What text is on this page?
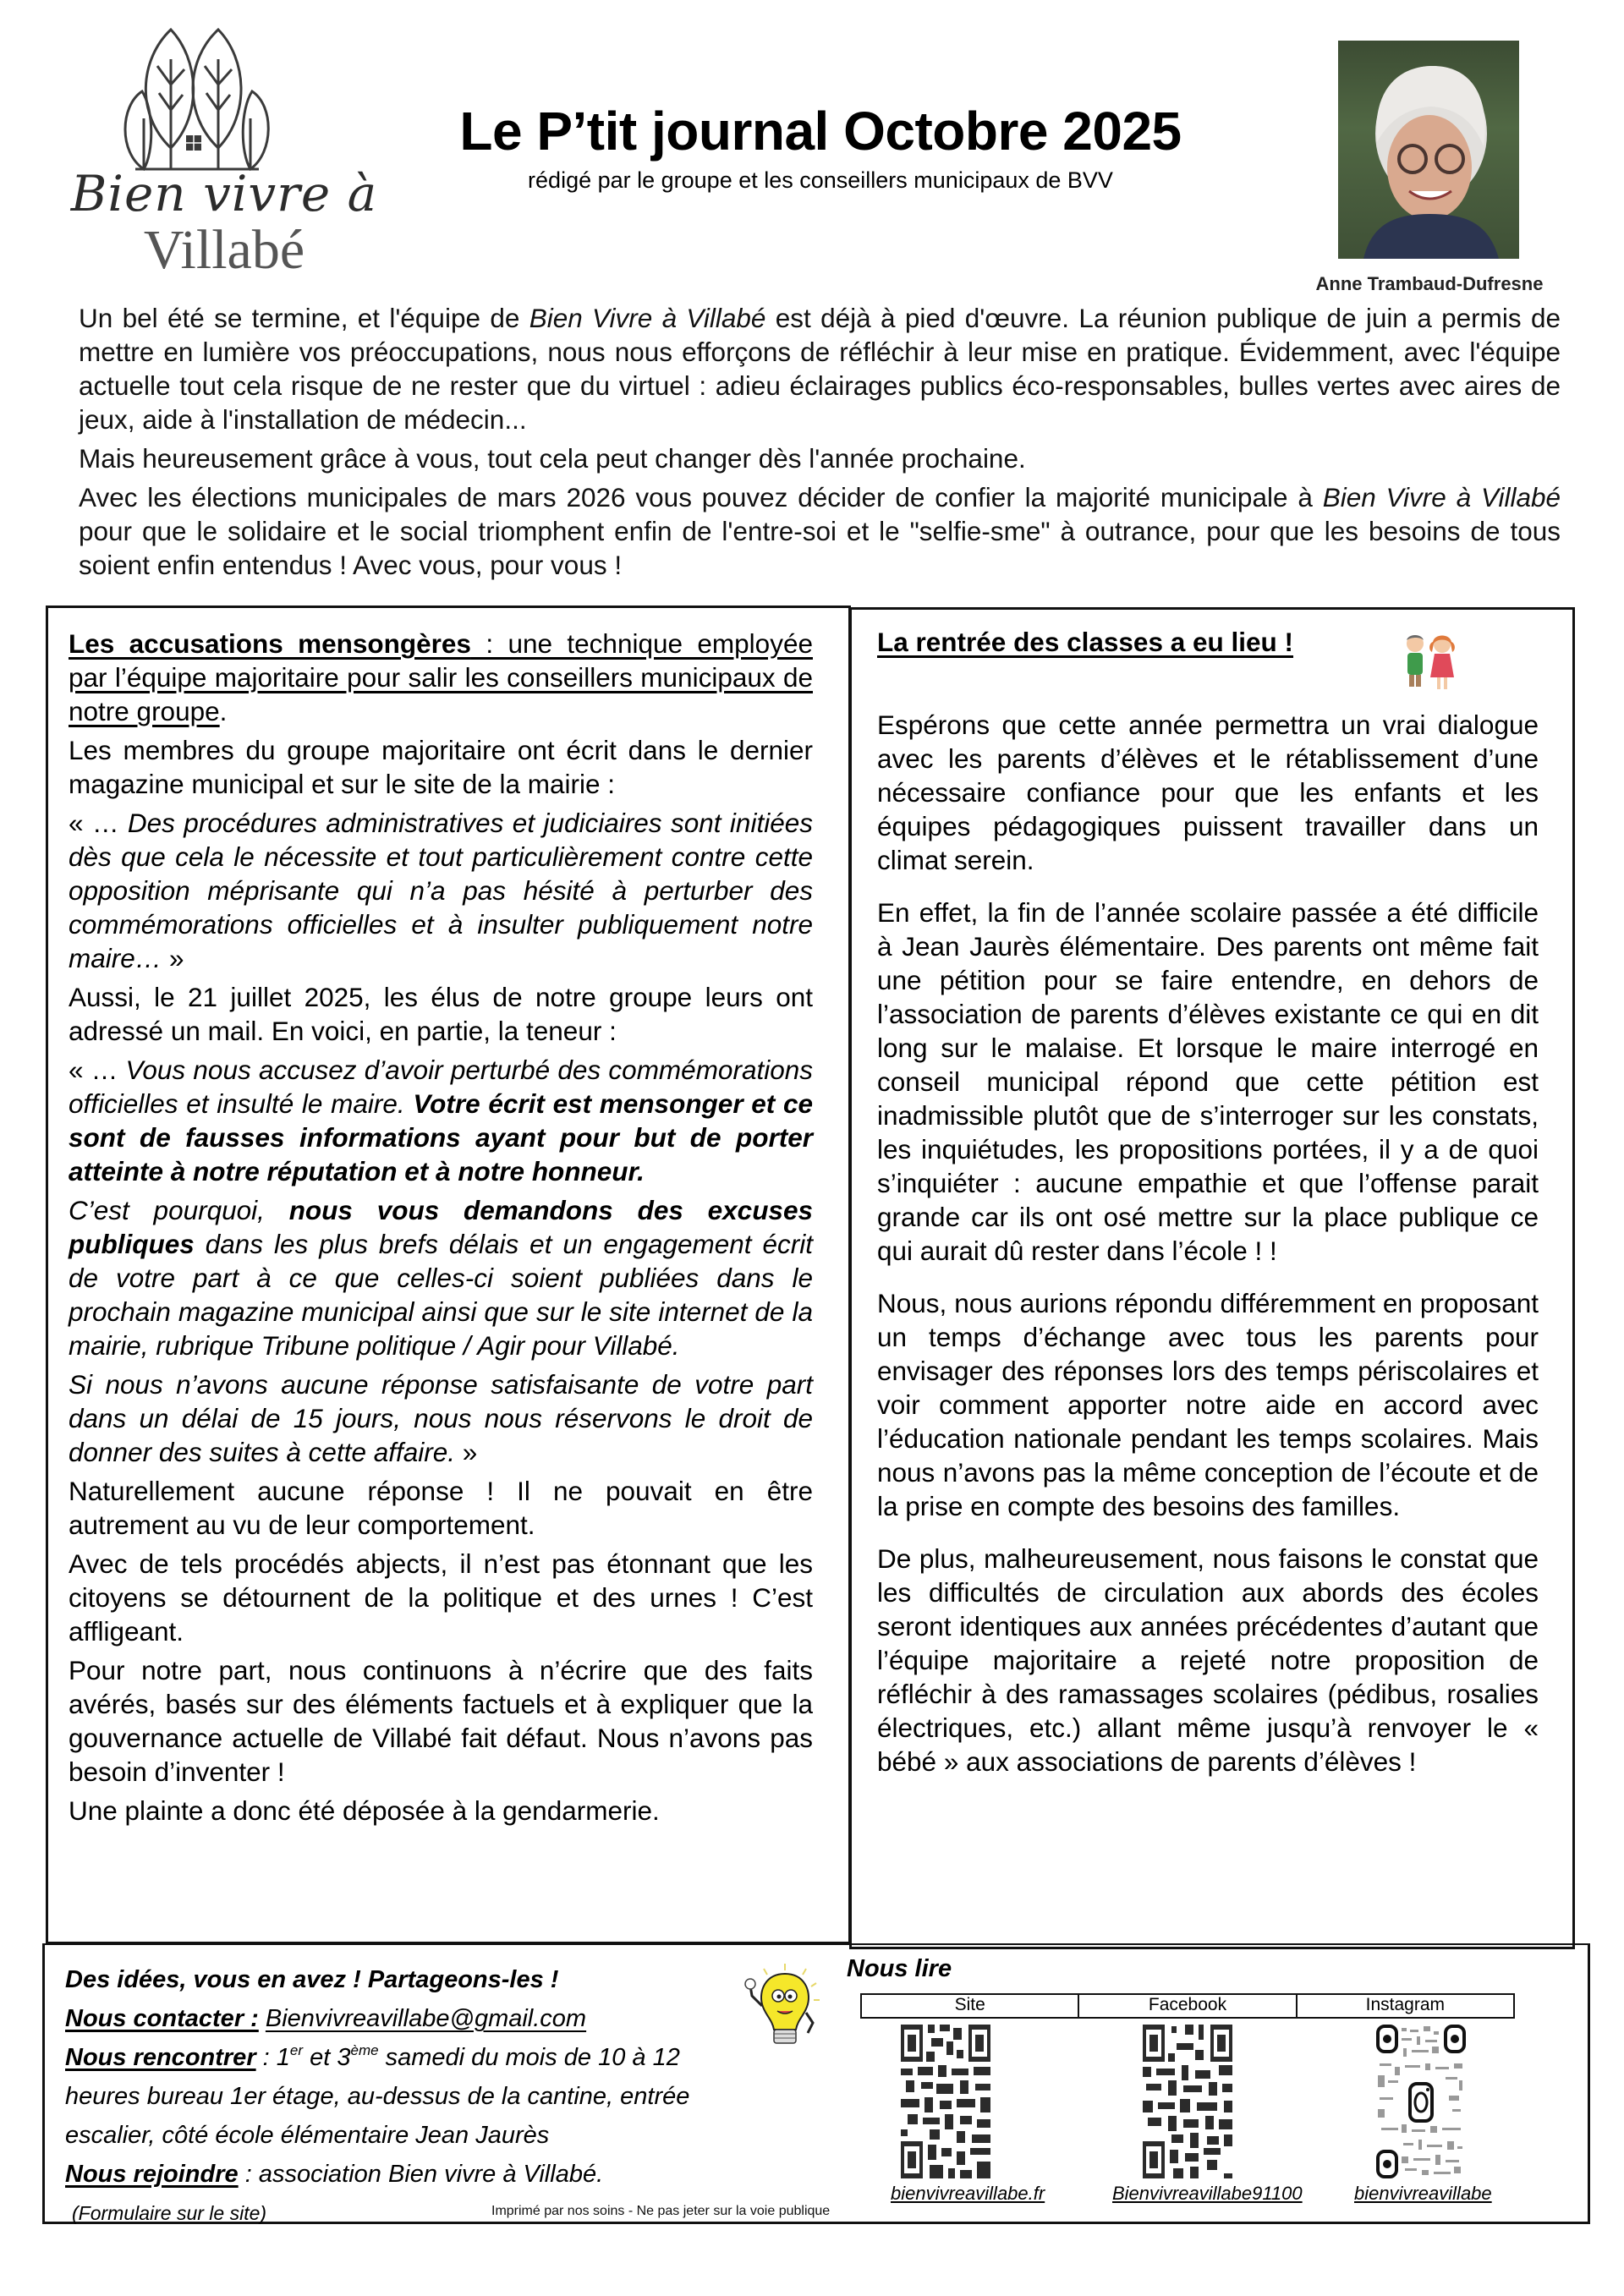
Bien vivre à
Villabé
Le P’tit journal Octobre 2025
rédigé par le groupe et les conseillers municipaux de BVV
Anne Trambaud-Dufresne

Un bel été se termine, et l'équipe de Bien Vivre à Villabé est déjà à pied d'œuvre. La réunion publique de juin a permis de mettre en lumière vos préoccupations, nous nous efforçons de réfléchir à leur mise en pratique. Évidemment, avec l'équipe actuelle tout cela risque de ne rester que du virtuel : adieu éclairages publics éco-responsables, bulles vertes avec aires de jeux, aide à l'installation de médecin...

Mais heureusement grâce à vous, tout cela peut changer dès l'année prochaine.

Avec les élections municipales de mars 2026 vous pouvez décider de confier la majorité municipale à Bien Vivre à Villabé pour que le solidaire et le social triomphent enfin de l'entre-soi et le "selfie-sme" à outrance, pour que les besoins de tous soient enfin entendus ! Avec vous, pour vous !

Les accusations mensongères : une technique employée par l’équipe majoritaire pour salir les conseillers municipaux de notre groupe.

Les membres du groupe majoritaire ont écrit dans le dernier magazine municipal et sur le site de la mairie :

« … Des procédures administratives et judiciaires sont initiées dès que cela le nécessite et tout particulièrement contre cette opposition méprisante qui n’a pas hésité à perturber des commémorations officielles et à insulter publiquement notre maire… »

Aussi, le 21 juillet 2025, les élus de notre groupe leurs ont adressé un mail. En voici, en partie, la teneur :

« … Vous nous accusez d’avoir perturbé des commémorations officielles et insulté le maire. Votre écrit est mensonger et ce sont de fausses informations ayant pour but de porter atteinte à notre réputation et à notre honneur.

C’est pourquoi, nous vous demandons des excuses publiques dans les plus brefs délais et un engagement écrit de votre part à ce que celles-ci soient publiées dans le prochain magazine municipal ainsi que sur le site internet de la mairie, rubrique Tribune politique / Agir pour Villabé.

Si nous n’avons aucune réponse satisfaisante de votre part dans un délai de 15 jours, nous nous réservons le droit de donner des suites à cette affaire. »

Naturellement aucune réponse ! Il ne pouvait en être autrement au vu de leur comportement.

Avec de tels procédés abjects, il n’est pas étonnant que les citoyens se détournent de la politique et des urnes ! C’est affligeant.

Pour notre part, nous continuons à n’écrire que des faits avérés, basés sur des éléments factuels et à expliquer que la gouvernance actuelle de Villabé fait défaut. Nous n’avons pas besoin d’inventer !

Une plainte a donc été déposée à la gendarmerie.

La rentrée des classes a eu lieu !

Espérons que cette année permettra un vrai dialogue avec les parents d’élèves et le rétablissement d’une nécessaire confiance pour que les enfants et les équipes pédagogiques puissent travailler dans un climat serein.

En effet, la fin de l’année scolaire passée a été difficile à Jean Jaurès élémentaire. Des parents ont même fait une pétition pour se faire entendre, en dehors de l’association de parents d’élèves existante ce qui en dit long sur le malaise. Et lorsque le maire interrogé en conseil municipal répond que cette pétition est inadmissible plutôt que de s’interroger sur les constats, les inquiétudes, les propositions portées, il y a de quoi s’inquiéter : aucune empathie et que l’offense parait grande car ils ont osé mettre sur la place publique ce qui aurait dû rester dans l’école ! !

Nous, nous aurions répondu différemment en proposant un temps d’échange avec tous les parents pour envisager des réponses lors des temps périscolaires et voir comment apporter notre aide en accord avec l’éducation nationale pendant les temps scolaires. Mais nous n’avons pas la même conception de l’écoute et de la prise en compte des besoins des familles.

De plus, malheureusement, nous faisons le constat que les difficultés de circulation aux abords des écoles seront identiques aux années précédentes d’autant que l’équipe majoritaire a rejeté notre proposition de réfléchir à des ramassages scolaires (pédibus, rosalies électriques, etc.) allant même jusqu’à renvoyer le « bébé » aux associations de parents d’élèves !

Des idées, vous en avez ! Partageons-les !
Nous contacter : Bienvivreavillabe@gmail.com
Nous rencontrer : 1er et 3ème samedi du mois de 10 à 12 heures bureau 1er étage, au-dessus de la cantine, entrée escalier, côté école élémentaire Jean Jaurès
Nous rejoindre : association Bien vivre à Villabé.
(Formulaire sur le site)	Imprimé par nos soins - Ne pas jeter sur la voie publique
Nous lire
Site	Facebook	Instagram
bienvivreavillabe.fr	Bienvivreavillabe91100	bienvivreavillabe
